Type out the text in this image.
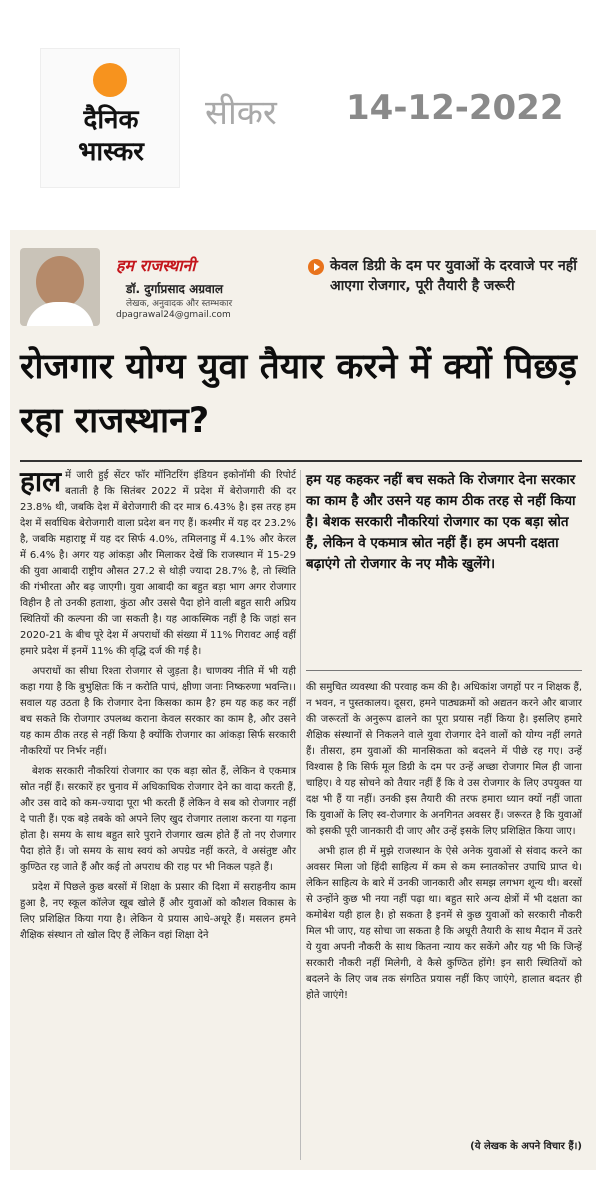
दैनिक
भास्कर
सीकर 14-12-2022
हम राजस्थानी
डॉ. दुर्गाप्रसाद अग्रवाल
लेखक, अनुवादक और स्तम्भकार
dpagrawal24@gmail.com
केवल डिग्री के दम पर युवाओं के दरवाजे पर नहीं आएगा रोजगार, पूरी तैयारी है जरूरी
रोजगार योग्य युवा तैयार करने में क्यों पिछड़ रहा राजस्थान?

हाल में जारी हुई सेंटर फॉर मॉनिटरिंग इंडियन इकोनॉमी की रिपोर्ट बताती है कि सितंबर 2022 में प्रदेश में बेरोजगारी की दर 23.8% थी, जबकि देश में बेरोजगारी की दर मात्र 6.43% है। इस तरह हम देश में सर्वाधिक बेरोजगारी वाला प्रदेश बन गए हैं। कश्मीर में यह दर 23.2% है, जबकि महाराष्ट्र में यह दर सिर्फ 4.0%, तमिलनाडु में 4.1% और केरल में 6.4% है। अगर यह आंकड़ा और मिलाकर देखें कि राजस्थान में 15-29 की युवा आबादी राष्ट्रीय औसत 27.2 से थोड़ी ज्यादा 28.7% है, तो स्थिति की गंभीरता और बढ़ जाएगी। युवा आबादी का बहुत बड़ा भाग अगर रोजगार विहीन है तो उनकी हताशा, कुंठा और उससे पैदा होने वाली बहुत सारी अप्रिय स्थितियों की कल्पना की जा सकती है। यह आकस्मिक नहीं है कि जहां सन 2020-21 के बीच पूरे देश में अपराधों की संख्या में 11% गिरावट आई वहीं हमारे प्रदेश में इनमें 11% की वृद्धि दर्ज की गई है।

अपराधों का सीधा रिश्ता रोजगार से जुड़ता है। चाणक्य नीति में भी यही कहा गया है कि बुभुक्षितः किं न करोति पापं, क्षीणा जनाः निष्करुणा भवन्ति।। सवाल यह उठता है कि रोजगार देना किसका काम है? हम यह कह कर नहीं बच सकते कि रोजगार उपलब्ध कराना केवल सरकार का काम है, और उसने यह काम ठीक तरह से नहीं किया है क्योंकि रोजगार का आंकड़ा सिर्फ सरकारी नौकरियों पर निर्भर नहीं।

बेशक सरकारी नौकरियां रोजगार का एक बड़ा स्रोत हैं, लेकिन वे एकमात्र स्रोत नहीं हैं। सरकारें हर चुनाव में अधिकाधिक रोजगार देने का वादा करती हैं, और उस वादे को कम-ज्यादा पूरा भी करती हैं लेकिन वे सब को रोजगार नहीं दे पाती हैं। एक बड़े तबके को अपने लिए खुद रोजगार तलाश करना या गढ़ना होता है। समय के साथ बहुत सारे पुराने रोजगार खत्म होते हैं तो नए रोजगार पैदा होते हैं। जो समय के साथ स्वयं को अपग्रेड नहीं करते, वे असंतुष्ट और कुण्ठित रह जाते हैं और कई तो अपराध की राह पर भी निकल पड़ते हैं।

प्रदेश में पिछले कुछ बरसों में शिक्षा के प्रसार की दिशा में सराहनीय काम हुआ है, नए स्कूल कॉलेज खूब खोले हैं और युवाओं को कौशल विकास के लिए प्रशिक्षित किया गया है। लेकिन ये प्रयास आधे-अधूरे हैं। मसलन हमने शैक्षिक संस्थान तो खोल दिए हैं लेकिन वहां शिक्षा देने

हम यह कहकर नहीं बच सकते कि रोजगार देना सरकार का काम है और उसने यह काम ठीक तरह से नहीं किया है। बेशक सरकारी नौकरियां रोजगार का एक बड़ा स्रोत हैं, लेकिन वे एकमात्र स्रोत नहीं हैं। हम अपनी दक्षता बढ़ाएंगे तो रोजगार के नए मौके खुलेंगे।

की समुचित व्यवस्था की परवाह कम की है। अधिकांश जगहों पर न शिक्षक हैं, न भवन, न पुस्तकालय। दूसरा, हमने पाठ्यक्रमों को अद्यतन करने और बाजार की जरूरतों के अनुरूप ढालने का पूरा प्रयास नहीं किया है। इसलिए हमारे शैक्षिक संस्थानों से निकलने वाले युवा रोजगार देने वालों को योग्य नहीं लगते हैं। तीसरा, हम युवाओं की मानसिकता को बदलने में पीछे रह गए। उन्हें विश्वास है कि सिर्फ मूल डिग्री के दम पर उन्हें अच्छा रोजगार मिल ही जाना चाहिए। वे यह सोचने को तैयार नहीं हैं कि वे उस रोजगार के लिए उपयुक्त या दक्ष भी हैं या नहीं। उनकी इस तैयारी की तरफ हमारा ध्यान क्यों नहीं जाता कि युवाओं के लिए स्व-रोजगार के अनगिनत अवसर हैं। जरूरत है कि युवाओं को इसकी पूरी जानकारी दी जाए और उन्हें इसके लिए प्रशिक्षित किया जाए।

अभी हाल ही में मुझे राजस्थान के ऐसे अनेक युवाओं से संवाद करने का अवसर मिला जो हिंदी साहित्य में कम से कम स्नातकोत्तर उपाधि प्राप्त थे। लेकिन साहित्य के बारे में उनकी जानकारी और समझ लगभग शून्य थी। बरसों से उन्होंने कुछ भी नया नहीं पढ़ा था। बहुत सारे अन्य क्षेत्रों में भी दक्षता का कमोबेश यही हाल है। हो सकता है इनमें से कुछ युवाओं को सरकारी नौकरी मिल भी जाए, यह सोचा जा सकता है कि अधूरी तैयारी के साथ मैदान में उतरे ये युवा अपनी नौकरी के साथ कितना न्याय कर सकेंगे और यह भी कि जिन्हें सरकारी नौकरी नहीं मिलेगी, वे कैसे कुण्ठित होंगे! इन सारी स्थितियों को बदलने के लिए जब तक संगठित प्रयास नहीं किए जाएंगे, हालात बदतर ही होते जाएंगे!

(ये लेखक के अपने विचार हैं।)
